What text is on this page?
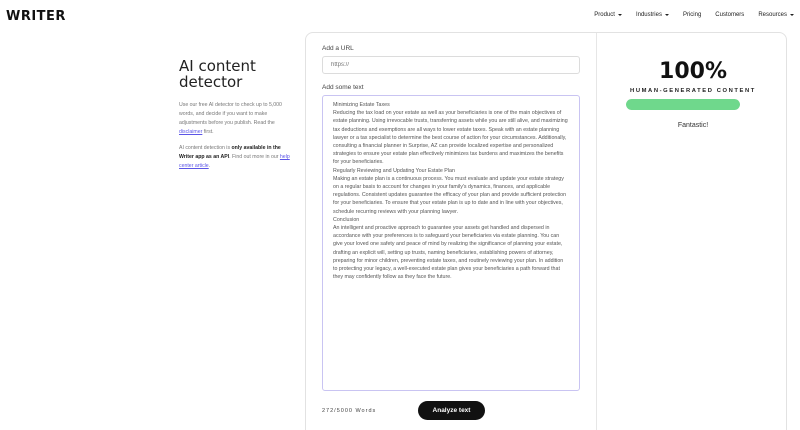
WRITER	Product	Industries	Pricing Customers Resources
AI content
detector

Use our free AI detector to check up to 5,000 words, and decide if you want to make adjustments before you publish. Read the disclaimer first.

AI content detection is only available in the Writer app as an API. Find out more in our help center article.

Add a URL
https://
Add some text

Minimizing Estate Taxes

Reducing the tax load on your estate as well as your beneficiaries is one of the main objectives of estate planning. Using irrevocable trusts, transferring assets while you are still alive, and maximizing tax deductions and exemptions are all ways to lower estate taxes. Speak with an estate planning lawyer or a tax specialist to determine the best course of action for your circumstances. Additionally, consulting a financial planner in Surprise, AZ can provide localized expertise and personalized strategies to ensure your estate plan effectively minimizes tax burdens and maximizes the benefits for your beneficiaries.

Regularly Reviewing and Updating Your Estate Plan

Making an estate plan is a continuous process. You must evaluate and update your estate strategy on a regular basis to account for changes in your family's dynamics, finances, and applicable regulations. Consistent updates guarantee the efficacy of your plan and provide sufficient protection for your beneficiaries. To ensure that your estate plan is up to date and in line with your objectives, schedule recurring reviews with your planning lawyer.

Conclusion

An intelligent and proactive approach to guarantee your assets get handled and dispersed in accordance with your preferences is to safeguard your beneficiaries via estate planning. You can give your loved one safety and peace of mind by realizing the significance of planning your estate, drafting an explicit will, setting up trusts, naming beneficiaries, establishing powers of attorney, preparing for minor children, preventing estate taxes, and routinely reviewing your plan. In addition to protecting your legacy, a well-executed estate plan gives your beneficiaries a path forward that they may confidently follow as they face the future.

272/5000 Words	Analyze text
100%
HUMAN-GENERATED CONTENT
Fantastic!
